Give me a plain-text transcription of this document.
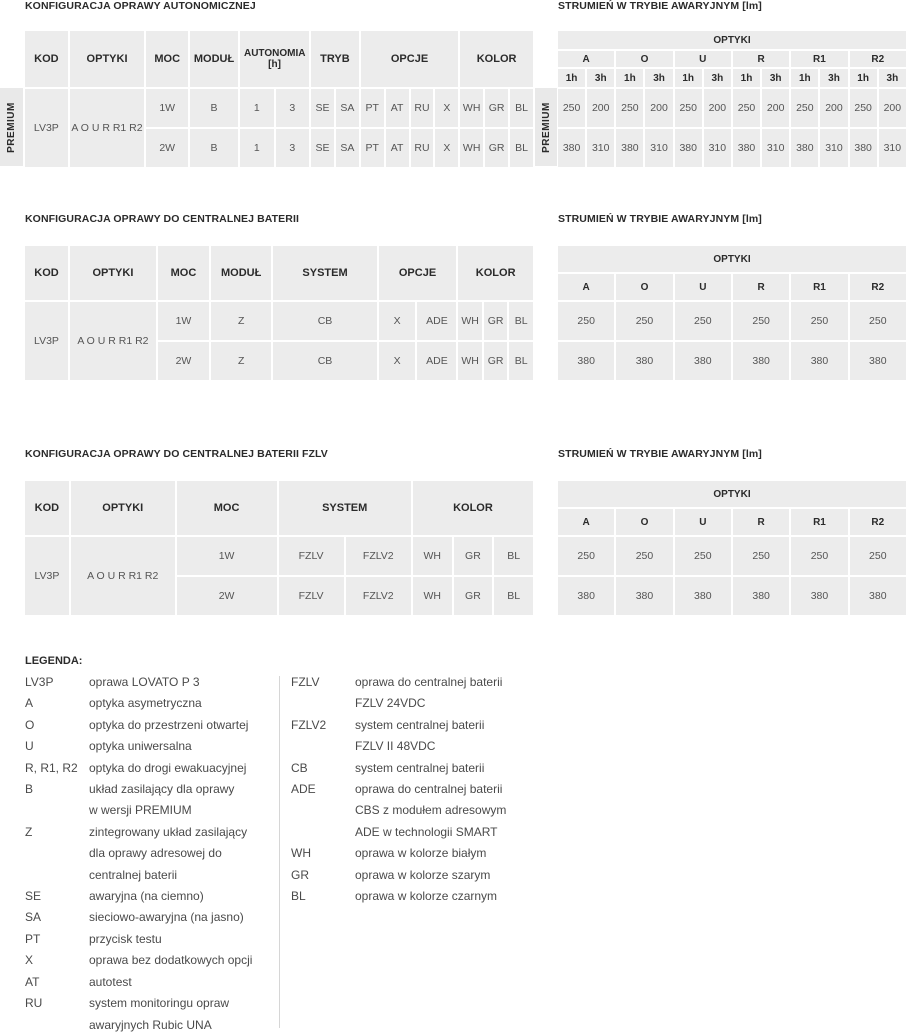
KONFIGURACJA OPRAWY AUTONOMICZNEJ	STRUMIEŃ W TRYBIE AWARYJNYM [lm]
PREMIUM	PREMIUM
KOD	OPTYKI	MOC	MODUŁ	AUTONOMIA [h]		TRYB		OPCJE				KOLOR		
LV3P	A O U R R1 R2	1W	B	1	3	SE	SA	PT	AT	RU	X	WH	GR	BL
		2W	B	1	3	SE	SA	PT	AT	RU	X	WH	GR	BL
OPTYKI											
A		O		U		R		R1		R2	
1h	3h	1h	3h	1h	3h	1h	3h	1h	3h	1h	3h
250	200	250	200	250	200	250	200	250	200	250	200
380	310	380	310	380	310	380	310	380	310	380	310
KONFIGURACJA OPRAWY DO CENTRALNEJ BATERII	STRUMIEŃ W TRYBIE AWARYJNYM [lm]
KOD	OPTYKI	MOC	MODUŁ	SYSTEM	OPCJE		KOLOR		
LV3P	A O U R R1 R2	1W	Z	CB	X	ADE	WH	GR	BL
		2W	Z	CB	X	ADE	WH	GR	BL
OPTYKI					
A	O	U	R	R1	R2
250	250	250	250	250	250
380	380	380	380	380	380
KONFIGURACJA OPRAWY DO CENTRALNEJ BATERII FZLV	STRUMIEŃ W TRYBIE AWARYJNYM [lm]
KOD	OPTYKI	MOC	SYSTEM		KOLOR		
LV3P	A O U R R1 R2	1W	FZLV	FZLV2	WH	GR	BL
		2W	FZLV	FZLV2	WH	GR	BL
OPTYKI					
A	O	U	R	R1	R2
250	250	250	250	250	250
380	380	380	380	380	380
LEGENDA:
LV3P	oprawa LOVATO P 3
A	optyka asymetryczna
O	optyka do przestrzeni otwartej
U	optyka uniwersalna
R, R1, R2 optyka do drogi ewakuacyjnej
B	układ zasilający dla oprawy
w wersji PREMIUM
Z	zintegrowany układ zasilający
dla oprawy adresowej do
centralnej baterii
SE	awaryjna (na ciemno)
SA	sieciowo-awaryjna (na jasno)
PT	przycisk testu
X	oprawa bez dodatkowych opcji
AT	autotest
RU	system monitoringu opraw
awaryjnych Rubic UNA
FZLV	oprawa do centralnej baterii
FZLV 24VDC
FZLV2	system centralnej baterii
FZLV II 48VDC
CB	system centralnej baterii
ADE	oprawa do centralnej baterii
CBS z modułem adresowym
ADE w technologii SMART
WH	oprawa w kolorze białym
GR	oprawa w kolorze szarym
BL	oprawa w kolorze czarnym
